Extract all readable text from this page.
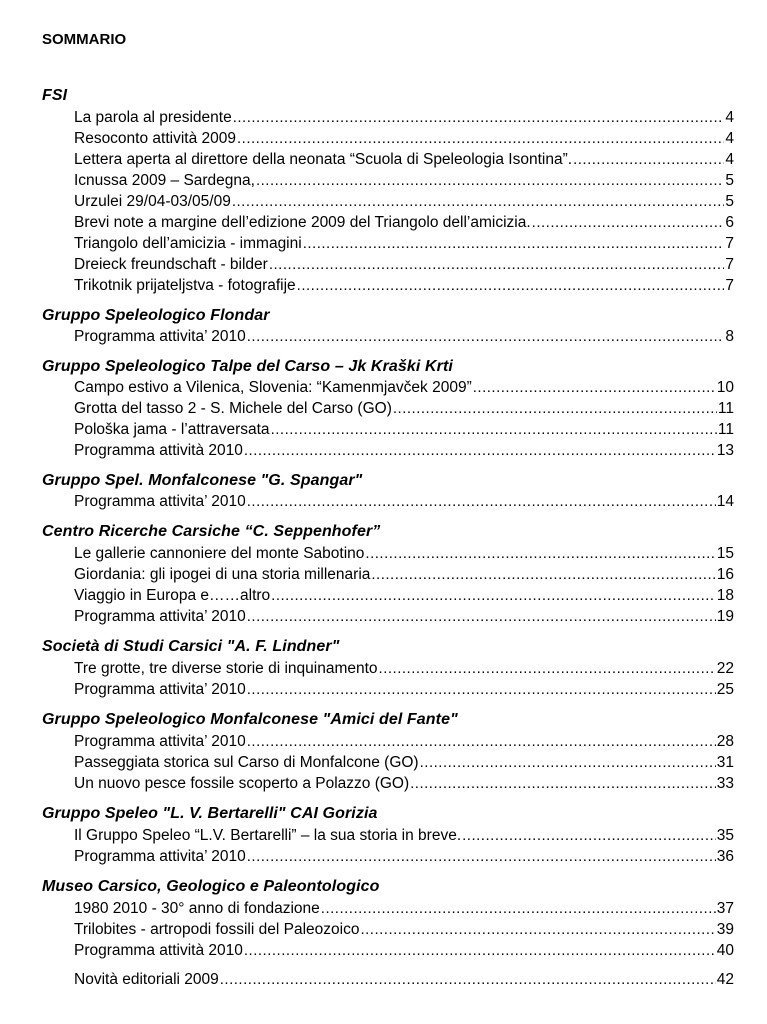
SOMMARIO
FSI
La parola al presidente .....	4
Resoconto attività 2009 .....	4
Lettera aperta al direttore della neonata “Scuola di Speleologia Isontina”. .....	4
Icnussa 2009 – Sardegna, .....	5
Urzulei 29/04-03/05/09 .....	5
Brevi note a margine dell’edizione 2009 del Triangolo dell’amicizia. .....	6
Triangolo dell’amicizia - immagini .....	7
Dreieck freundschaft - bilder .....	7
Trikotnik prijateljstva - fotografije .....	7
Gruppo Speleologico Flondar
Programma attivita’ 2010 .....	8
Gruppo Speleologico Talpe del Carso – Jk Kraški Krti
Campo estivo a Vilenica, Slovenia: “Kamenmjavček 2009” .....	10
Grotta del tasso 2 - S. Michele del Carso (GO) .....	11
Pološka jama - l’attraversata .....	11
Programma attività 2010 .....	13
Gruppo Spel. Monfalconese "G. Spangar"
Programma attivita’ 2010 .....	14
Centro Ricerche Carsiche “C. Seppenhofer”
Le gallerie cannoniere del monte Sabotino .....	15
Giordania: gli ipogei di una storia millenaria .....	16
Viaggio in Europa e……altro .....	18
Programma attivita’ 2010 .....	19
Società di Studi Carsici "A. F. Lindner"
Tre grotte, tre diverse storie di inquinamento .....	22
Programma attivita’ 2010 .....	25
Gruppo Speleologico Monfalconese "Amici del Fante"
Programma attivita’ 2010 .....	28
Passeggiata storica sul Carso di Monfalcone (GO) .....	31
Un nuovo pesce fossile scoperto a Polazzo (GO) .....	33
Gruppo Speleo "L. V. Bertarelli" CAI Gorizia
Il Gruppo Speleo “L.V. Bertarelli” – la sua storia in breve. .....	35
Programma attivita’ 2010 .....	36
Museo Carsico, Geologico e Paleontologico
1980 2010 - 30° anno di fondazione .....	37
Trilobites - artropodi fossili del Paleozoico .....	39
Programma attività 2010 .....	40
Novità editoriali 2009 .....	42
